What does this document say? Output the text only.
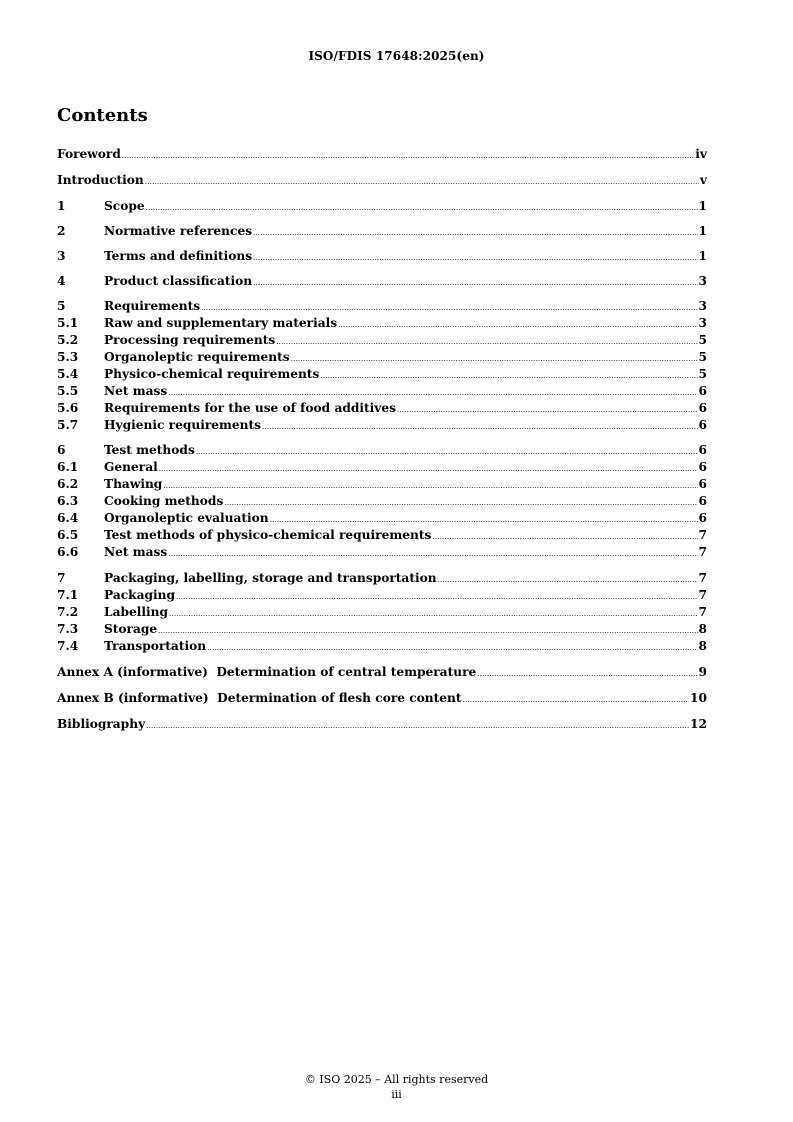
ISO/FDIS 17648:2025(en)
Contents
Foreword .....	iv
Introduction .....	v
1	Scope .....	1
2	Normative references .....	1
3	Terms and definitions .....	1
4	Product classification .....	3
5	Requirements .....	3
5.1	Raw and supplementary materials .....	3
5.2	Processing requirements .....	5
5.3	Organoleptic requirements .....	5
5.4	Physico-chemical requirements .....	5
5.5	Net mass .....	6
5.6	Requirements for the use of food additives .....	6
5.7	Hygienic requirements .....	6
6	Test methods .....	6
6.1	General .....	6
6.2	Thawing .....	6
6.3	Cooking methods .....	6
6.4	Organoleptic evaluation .....	6
6.5	Test methods of physico-chemical requirements .....	7
6.6	Net mass .....	7
7	Packaging, labelling, storage and transportation .....	7
7.1	Packaging .....	7
7.2	Labelling .....	7
7.3	Storage .....	8
7.4	Transportation .....	8
Annex A (informative)  Determination of central temperature .....	9
Annex B (informative)  Determination of flesh core content .....	10
Bibliography .....	12
© ISO 2025 – All rights reserved
iii
